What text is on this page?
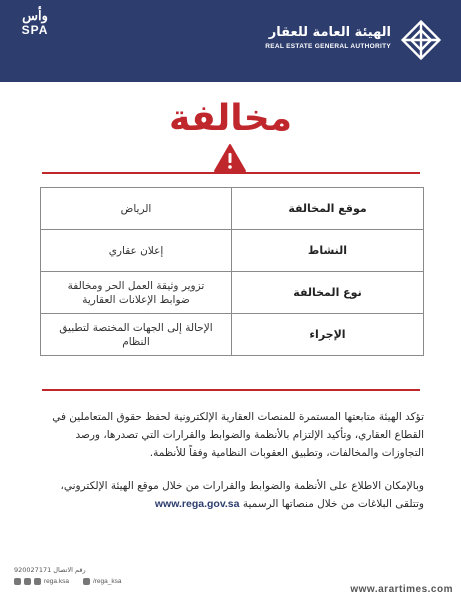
وﺃس
SPA	الهيئة العامة للعقار
REAL ESTATE GENERAL AUTHORITY
مخالفة
موقع المخالفة	الرياض
النشاط	إعلان عقاري
نوع المخالفة	تزوير وثيقة العمل الحر ومخالفة ضوابط الإعلانات العقارية
الإجراء	الإحالة إلى الجهات المختصة لتطبيق النظام

تؤكد الهيئة متابعتها المستمرة للمنصات العقارية الإلكترونية لحفظ حقوق المتعاملين في القطاع العقاري، وتأكيد الإلتزام بالأنظمة والضوابط والقرارات التي تصدرها، ورصد التجاوزات والمخالفات، وتطبيق العقوبات النظامية وفقاً للأنظمة.

وبالإمكان الاطلاع على الأنظمة والضوابط والقرارات من خلال موقع الهيئة الإلكتروني، وتتلقى البلاغات من خلال منصاتها الرسمية www.rega.gov.sa

رقم الاتصال 920027171
rega.ksa	/rega_ksa
www.arartimes.com
